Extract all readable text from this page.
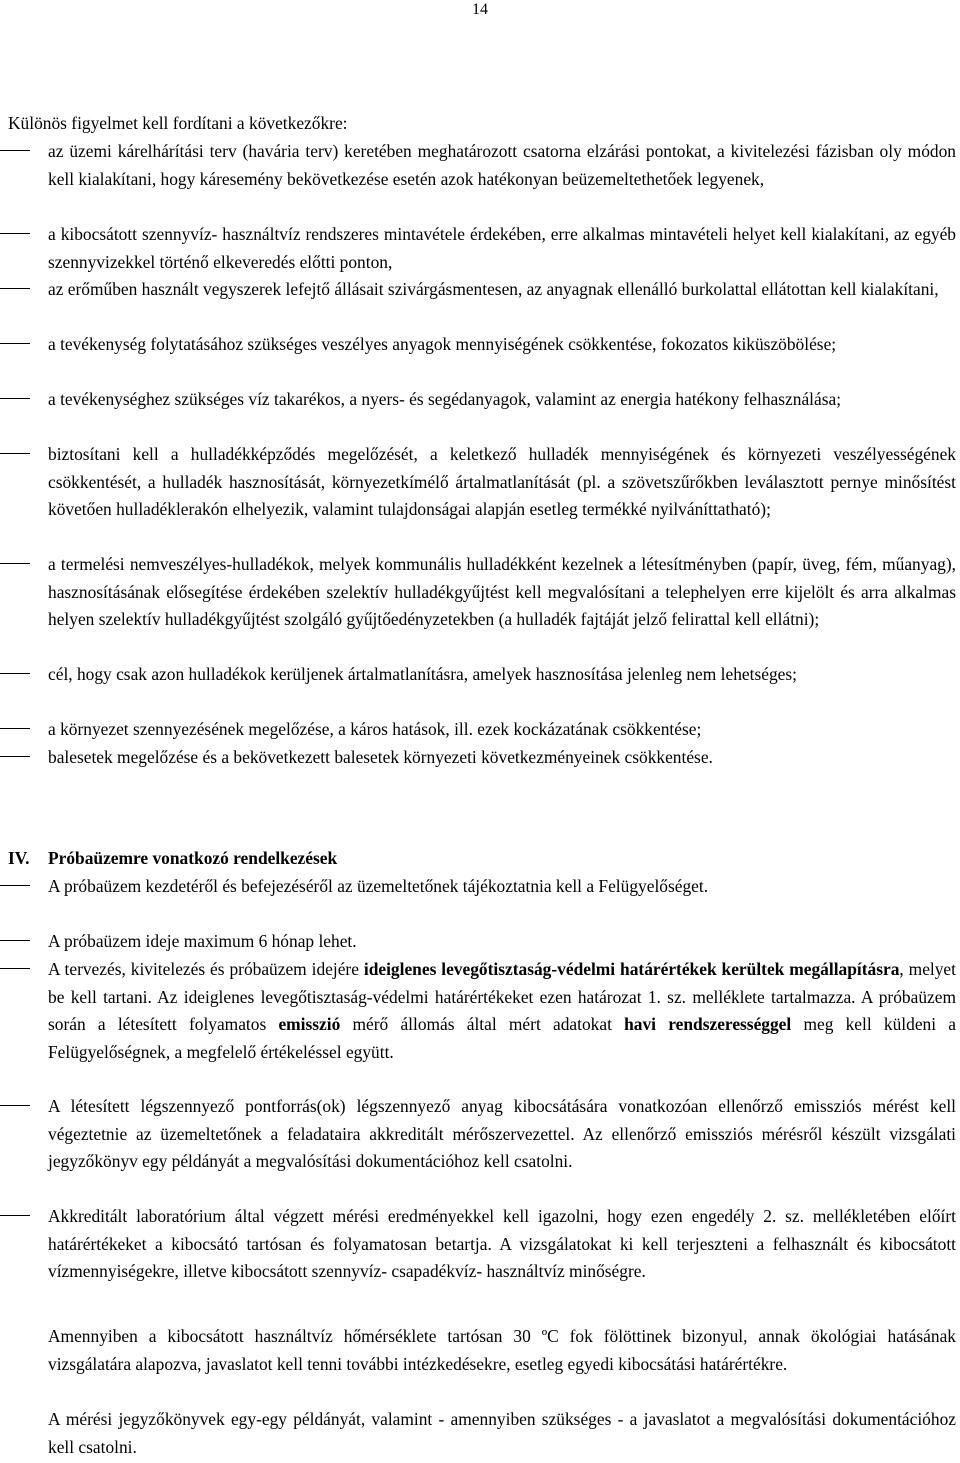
14
Különös figyelmet kell fordítani a következőkre:
az üzemi kárelhárítási terv (havária terv) keretében meghatározott csatorna elzárási pontokat, a kivitelezési fázisban oly módon kell kialakítani, hogy káresemény bekövetkezése esetén azok hatékonyan beüzemeltethetőek legyenek,
a kibocsátott szennyvíz- használtvíz rendszeres mintavétele érdekében, erre alkalmas mintavételi helyet kell kialakítani, az egyéb szennyvizekkel történő elkeveredés előtti ponton,
az erőműben használt vegyszerek lefejtő állásait szivárgásmentesen, az anyagnak ellenálló burkolattal ellátottan kell kialakítani,
a tevékenység folytatásához szükséges veszélyes anyagok mennyiségének csökkentése, fokozatos kiküszöbölése;
a tevékenységhez szükséges víz takarékos, a nyers- és segédanyagok, valamint az energia hatékony felhasználása;
biztosítani kell a hulladékképződés megelőzését, a keletkező hulladék mennyiségének és környezeti veszélyességének csökkentését, a hulladék hasznosítását, környezetkímélő ártalmatlanítását (pl. a szövetszűrőkben leválasztott pernye minősítést követően hulladéklerakón elhelyezik, valamint tulajdonságai alapján esetleg termékké nyilváníttatható);
a termelési nemveszélyes-hulladékok, melyek kommunális hulladékként kezelnek a létesítményben (papír, üveg, fém, műanyag), hasznosításának elősegítése érdekében szelektív hulladékgyűjtést kell megvalósítani a telephelyen erre kijelölt és arra alkalmas helyen szelektív hulladékgyűjtést szolgáló gyűjtőedényzetekben (a hulladék fajtáját jelző felirattal kell ellátni);
cél, hogy csak azon hulladékok kerüljenek ártalmatlanításra, amelyek hasznosítása jelenleg nem lehetséges;
a környezet szennyezésének megelőzése, a káros hatások, ill. ezek kockázatának csökkentése;
balesetek megelőzése és a bekövetkezett balesetek környezeti következményeinek csökkentése.
IV. Próbaüzemre vonatkozó rendelkezések
A próbaüzem kezdetéről és befejezéséről az üzemeltetőnek tájékoztatnia kell a Felügyelőséget.
A próbaüzem ideje maximum 6 hónap lehet.
A tervezés, kivitelezés és próbaüzem idejére ideiglenes levegőtisztaság-védelmi határértékek kerültek megállapításra, melyet be kell tartani. Az ideiglenes levegőtisztaság-védelmi határértékeket ezen határozat 1. sz. melléklete tartalmazza. A próbaüzem során a létesített folyamatos emisszió mérő állomás által mért adatokat havi rendszerességgel meg kell küldeni a Felügyelőségnek, a megfelelő értékeléssel együtt.
A létesített légszennyező pontforrás(ok) légszennyező anyag kibocsátására vonatkozóan ellenőrző emissziós mérést kell végeztetnie az üzemeltetőnek a feladataira akkreditált mérőszervezettel. Az ellenőrző emissziós mérésről készült vizsgálati jegyzőkönyv egy példányát a megvalósítási dokumentációhoz kell csatolni.
Akkreditált laboratórium által végzett mérési eredményekkel kell igazolni, hogy ezen engedély 2. sz. mellékletében előírt határértékeket a kibocsátó tartósan és folyamatosan betartja. A vizsgálatokat ki kell terjeszteni a felhasznált és kibocsátott vízmennyiségekre, illetve kibocsátott szennyvíz- csapadékvíz- használtvíz minőségre.
Amennyiben a kibocsátott használtvíz hőmérséklete tartósan 30 ºC fok fölöttinek bizonyul, annak ökológiai hatásának vizsgálatára alapozva, javaslatot kell tenni további intézkedésekre, esetleg egyedi kibocsátási határértékre.
A mérési jegyzőkönyvek egy-egy példányát, valamint - amennyiben szükséges - a javaslatot a megvalósítási dokumentációhoz kell csatolni.
